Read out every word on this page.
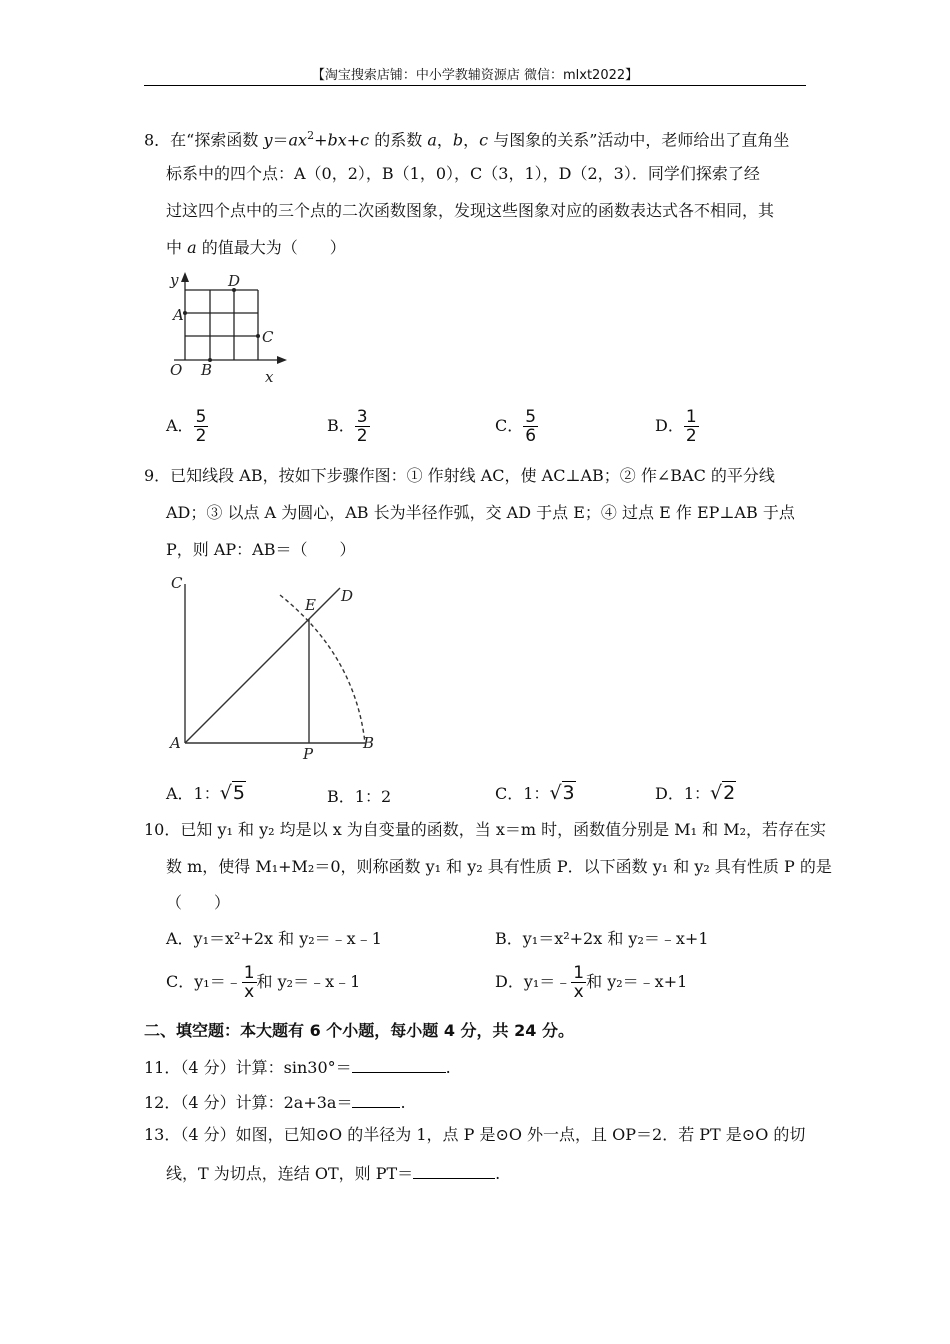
【淘宝搜索店铺：中小学教辅资源店 微信：mlxt2022】
8．在“探索函数 $y=ax^2+bx+c$ 的系数 a，b，c 与图象的关系”活动中，老师给出了直角坐
标系中的四个点：A（0，2），B（1，0），C（3，1），D（2，3）．同学们探索了经
过这四个点中的三个点的二次函数图象，发现这些图象对应的函数表达式各不相同，其
中 a 的值最大为（　　）
y
x
O
A
B
C
D
A． $\frac{5}{2}$	B． $\frac{3}{2}$	C． $\frac{5}{6}$	D． $\frac{1}{2}$
9．已知线段 AB，按如下步骤作图：① 作射线 AC，使 AC⊥AB；② 作∠BAC 的平分线
AD；③ 以点 A 为圆心，AB 长为半径作弧，交 AD 于点 E；④ 过点 E 作 EP⊥AB 于点
P，则 AP：AB＝（　　）
C
E D
A
P
B
A．1：√5	B．1：2	C．1：√3	D．1：√2
10．已知 y₁ 和 y₂ 均是以 x 为自变量的函数，当 x＝m 时，函数值分别是 M₁ 和 M₂，若存在实
数 m，使得 M₁+M₂＝0，则称函数 y₁ 和 y₂ 具有性质 P．以下函数 y₁ 和 y₂ 具有性质 P 的是
（　　）
A．y₁＝x²+2x 和 y₂＝﹣x﹣1	B．y₁＝x²+2x 和 y₂＝﹣x+1
C．y₁＝﹣ $\frac{1}{x}$ 和 y₂＝﹣x﹣1	D．y₁＝﹣ $\frac{1}{x}$ 和 y₂＝﹣x+1
二、填空题：本大题有 6 个小题，每小题 4 分，共 24 分。
11．（4 分）计算：sin30°＝	.
12．（4 分）计算：2a+3a＝	.
13．（4 分）如图，已知⊙O 的半径为 1，点 P 是⊙O 外一点，且 OP＝2．若 PT 是⊙O 的切
线，T 为切点，连结 OT，则 PT＝	.
